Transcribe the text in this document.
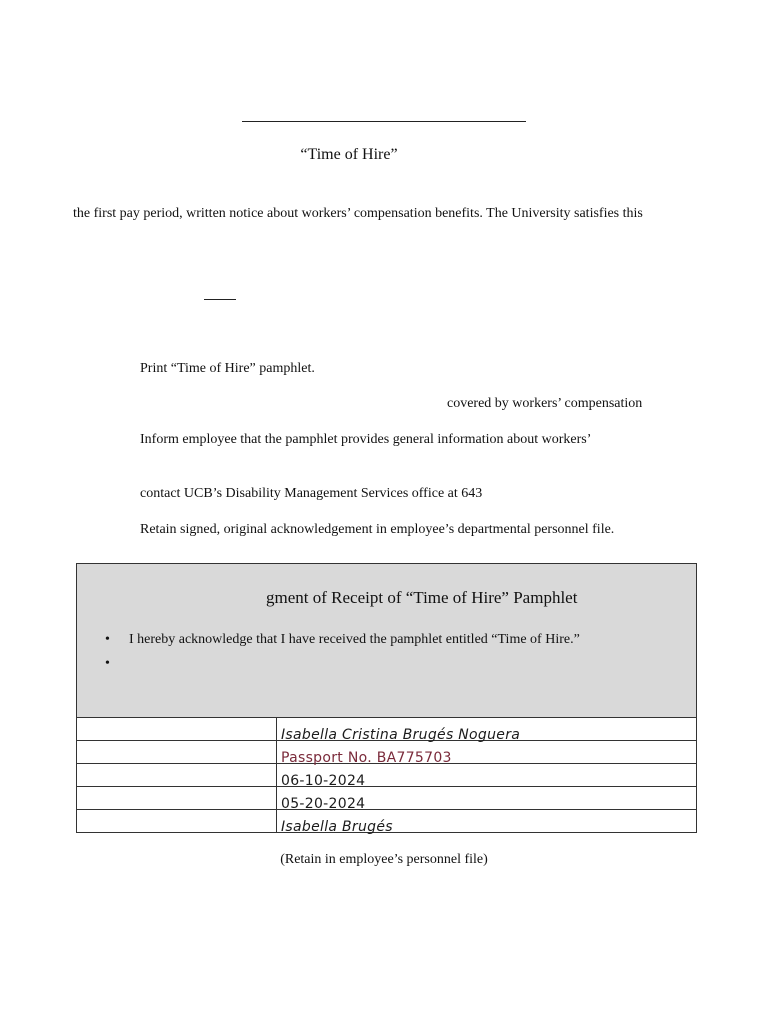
“Time of Hire”
the first pay period, written notice about workers’ compensation benefits. The University satisfies this
Print “Time of Hire” pamphlet.
covered by workers’ compensation
Inform employee that the pamphlet provides general information about workers’
contact UCB’s Disability Management Services office at 643
Retain signed, original acknowledgement in employee’s departmental personnel file.
gment of Receipt of “Time of Hire” Pamphlet
• I hereby acknowledge that I have received the pamphlet entitled “Time of Hire.”
•
	Isabella Cristina Brugés Noguera
	Passport No. BA775703
	06-10-2024
	05-20-2024
	Isabella Brugés
(Retain in employee’s personnel file)
